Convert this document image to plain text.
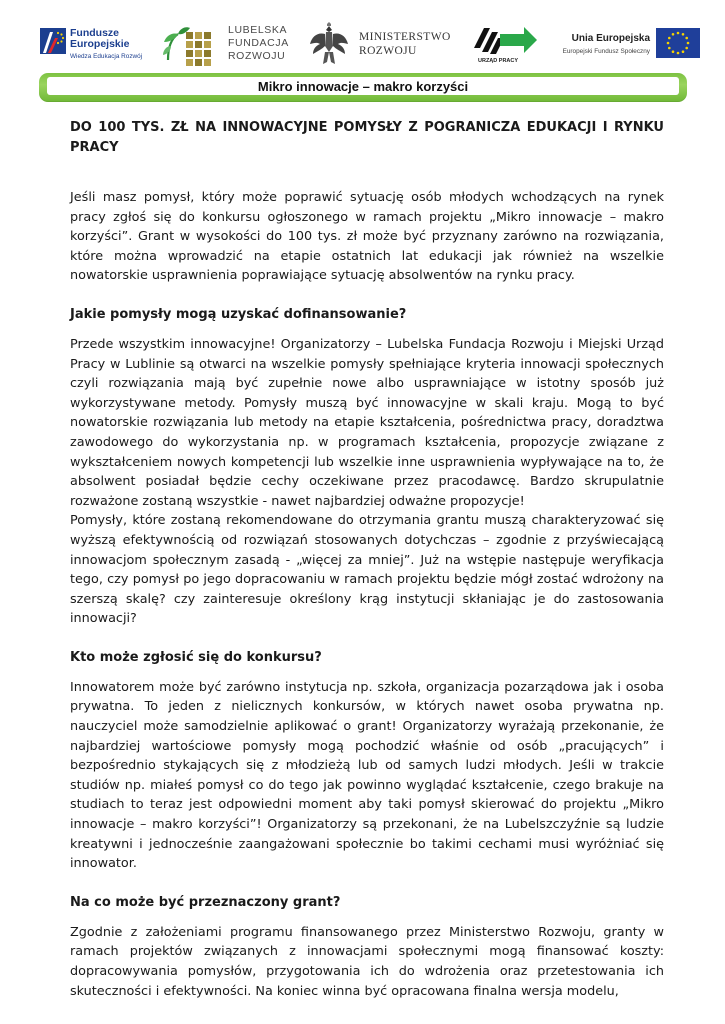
Fundusze
Europejskie
Wiedza Edukacja Rozwój
LUBELSKA
FUNDACJA
ROZWOJU
MINISTERSTWO
ROZWOJU
URZĄD PRACY
Unia Europejska
Europejski Fundusz Społeczny
Mikro innowacje – makro korzyści
DO 100 TYS. ZŁ NA INNOWACYJNE POMYSŁY Z POGRANICZA EDUKACJI I RYNKU PRACY

Jeśli masz pomysł, który może poprawić sytuację osób młodych wchodzących na rynek pracy zgłoś się do konkursu ogłoszonego w ramach projektu „Mikro innowacje – makro korzyści”. Grant w wysokości do 100 tys. zł może być przyznany zarówno na rozwiązania, które można wprowadzić na etapie ostatnich lat edukacji jak również na wszelkie nowatorskie usprawnienia poprawiające sytuację absolwentów na rynku pracy.

Jakie pomysły mogą uzyskać dofinansowanie?

Przede wszystkim innowacyjne! Organizatorzy – Lubelska Fundacja Rozwoju i Miejski Urząd Pracy w Lublinie są otwarci na wszelkie pomysły spełniające kryteria innowacji społecznych czyli rozwiązania mają być zupełnie nowe albo usprawniające w istotny sposób już wykorzystywane metody. Pomysły muszą być innowacyjne w skali kraju. Mogą to być nowatorskie rozwiązania lub metody na etapie kształcenia, pośrednictwa pracy, doradztwa zawodowego do wykorzystania np. w programach kształcenia, propozycje związane z wykształceniem nowych kompetencji lub wszelkie inne usprawnienia wypływające na to, że absolwent posiadał będzie cechy oczekiwane przez pracodawcę. Bardzo skrupulatnie rozważone zostaną wszystkie - nawet najbardziej odważne propozycje!

Pomysły, które zostaną rekomendowane do otrzymania grantu muszą charakteryzować się wyższą efektywnością od rozwiązań stosowanych dotychczas – zgodnie z przyświecającą innowacjom społecznym zasadą - „więcej za mniej”. Już na wstępie następuje weryfikacja tego, czy pomysł po jego dopracowaniu w ramach projektu będzie mógł zostać wdrożony na szerszą skalę? czy zainteresuje określony krąg instytucji skłaniając je do zastosowania innowacji?

Kto może zgłosić się do konkursu?

Innowatorem może być zarówno instytucja np. szkoła, organizacja pozarządowa jak i osoba prywatna. To jeden z nielicznych konkursów, w których nawet osoba prywatna np. nauczyciel może samodzielnie aplikować o grant! Organizatorzy wyrażają przekonanie, że najbardziej wartościowe pomysły mogą pochodzić właśnie od osób „pracujących” i bezpośrednio stykających się z młodzieżą lub od samych ludzi młodych. Jeśli w trakcie studiów np. miałeś pomysł co do tego jak powinno wyglądać kształcenie, czego brakuje na studiach to teraz jest odpowiedni moment aby taki pomysł skierować do projektu „Mikro innowacje – makro korzyści”! Organizatorzy są przekonani, że na Lubelszczyźnie są ludzie kreatywni i jednocześnie zaangażowani społecznie bo takimi cechami musi wyróżniać się innowator.

Na co może być przeznaczony grant?

Zgodnie z założeniami programu finansowanego przez Ministerstwo Rozwoju, granty w ramach projektów związanych z innowacjami społecznymi mogą finansować koszty: dopracowywania pomysłów, przygotowania ich do wdrożenia oraz przetestowania ich skuteczności i efektywności. Na koniec winna być opracowana finalna wersja modelu,
